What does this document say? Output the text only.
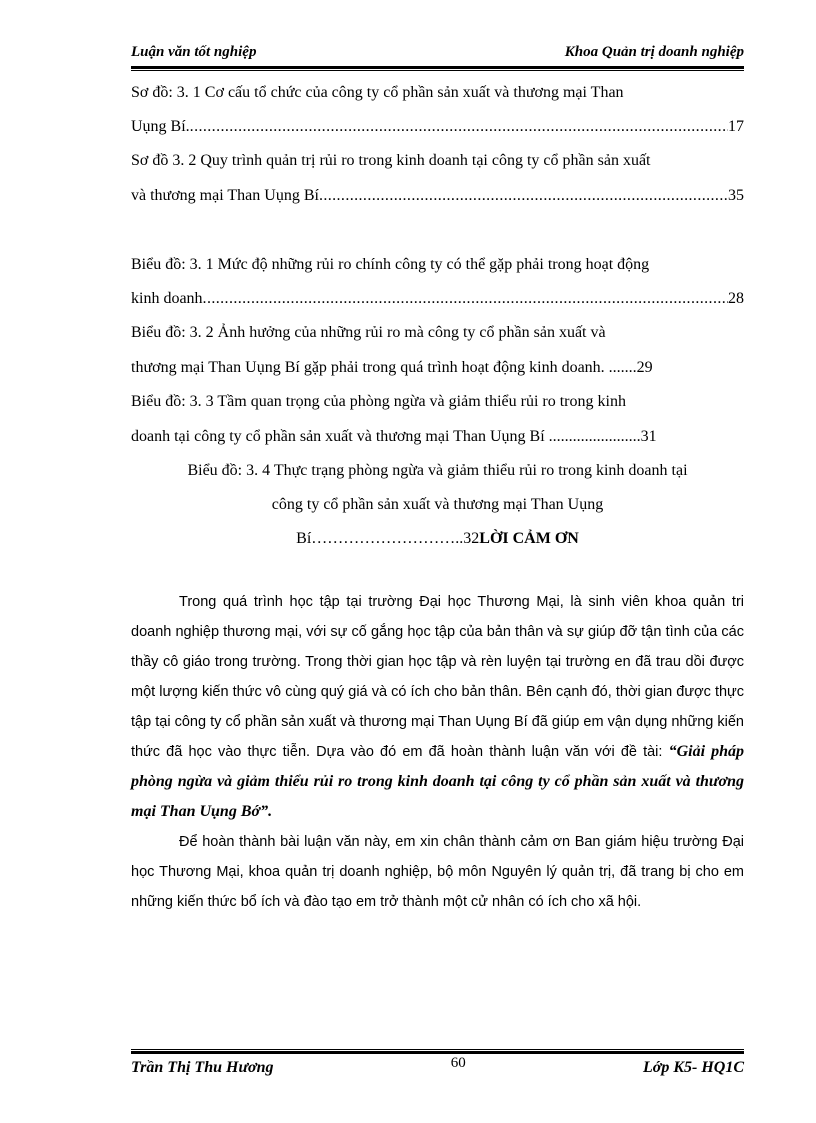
Luận văn tốt nghiệp	Khoa Quản trị doanh nghiệp
Sơ đồ: 3. 1 Cơ cấu tổ chức của công ty cổ phần sản xuất và thương mại Than
Uụng Bí. .....	17
Sơ đồ 3. 2 Quy trình quản trị rủi ro trong kinh doanh tại công ty cổ phần sản xuất
và thương mại Than Uụng Bí .....	35
Biểu đồ: 3. 1 Mức độ những rủi ro chính công ty có thể gặp phải trong hoạt động
kinh doanh .....	28
Biểu đồ: 3. 2 Ảnh hưởng của những rủi ro mà công ty cổ phần sản xuất và
thương mại Than Uụng Bí gặp phải trong quá trình hoạt động kinh doanh. .......29
Biểu đồ: 3. 3 Tầm quan trọng của phòng ngừa và giảm thiểu rủi ro trong kinh
doanh tại công ty cổ phần sản xuất và thương mại Than Uụng Bí .......................31
Biểu đồ: 3. 4 Thực trạng phòng ngừa và giảm thiểu rủi ro trong kinh doanh tại
công ty cổ phần sản xuất và thương mại Than Uụng
Bí………………………..32LỜI CẢM ƠN

Trong quá trình học tập tại trường Đại học Thương Mại, là sinh viên khoa quản tri doanh nghiệp thương mại, với sự cố gắng học tập của bản thân và sự giúp đỡ tận tình của các thầy cô giáo trong trường. Trong thời gian học tập và rèn luyện tại trường en đã trau dồi được một lượng kiến thức vô cùng quý giá và có ích cho bản thân. Bên cạnh đó, thời gian được thực tập tại công ty cổ phần sản xuất và thương mại Than Uụng Bí đã giúp em vận dụng những kiến thức đã học vào thực tiễn. Dựa vào đó em đã hoàn thành luận văn với đề tài: “Giải pháp phòng ngừa và giảm thiểu rủi ro trong kinh doanh tại công ty cổ phần sản xuất và thương mại Than Uụng Bớ”.

Để hoàn thành bài luận văn này, em xin chân thành cảm ơn Ban giám hiệu trường Đại học Thương Mại, khoa quản trị doanh nghiệp, bộ môn Nguyên lý quản trị, đã trang bị cho em những kiến thức bổ ích và đào tạo em trở thành một cử nhân có ích cho xã hội.

Trần Thị Thu Hương	60	Lớp K5- HQ1C
